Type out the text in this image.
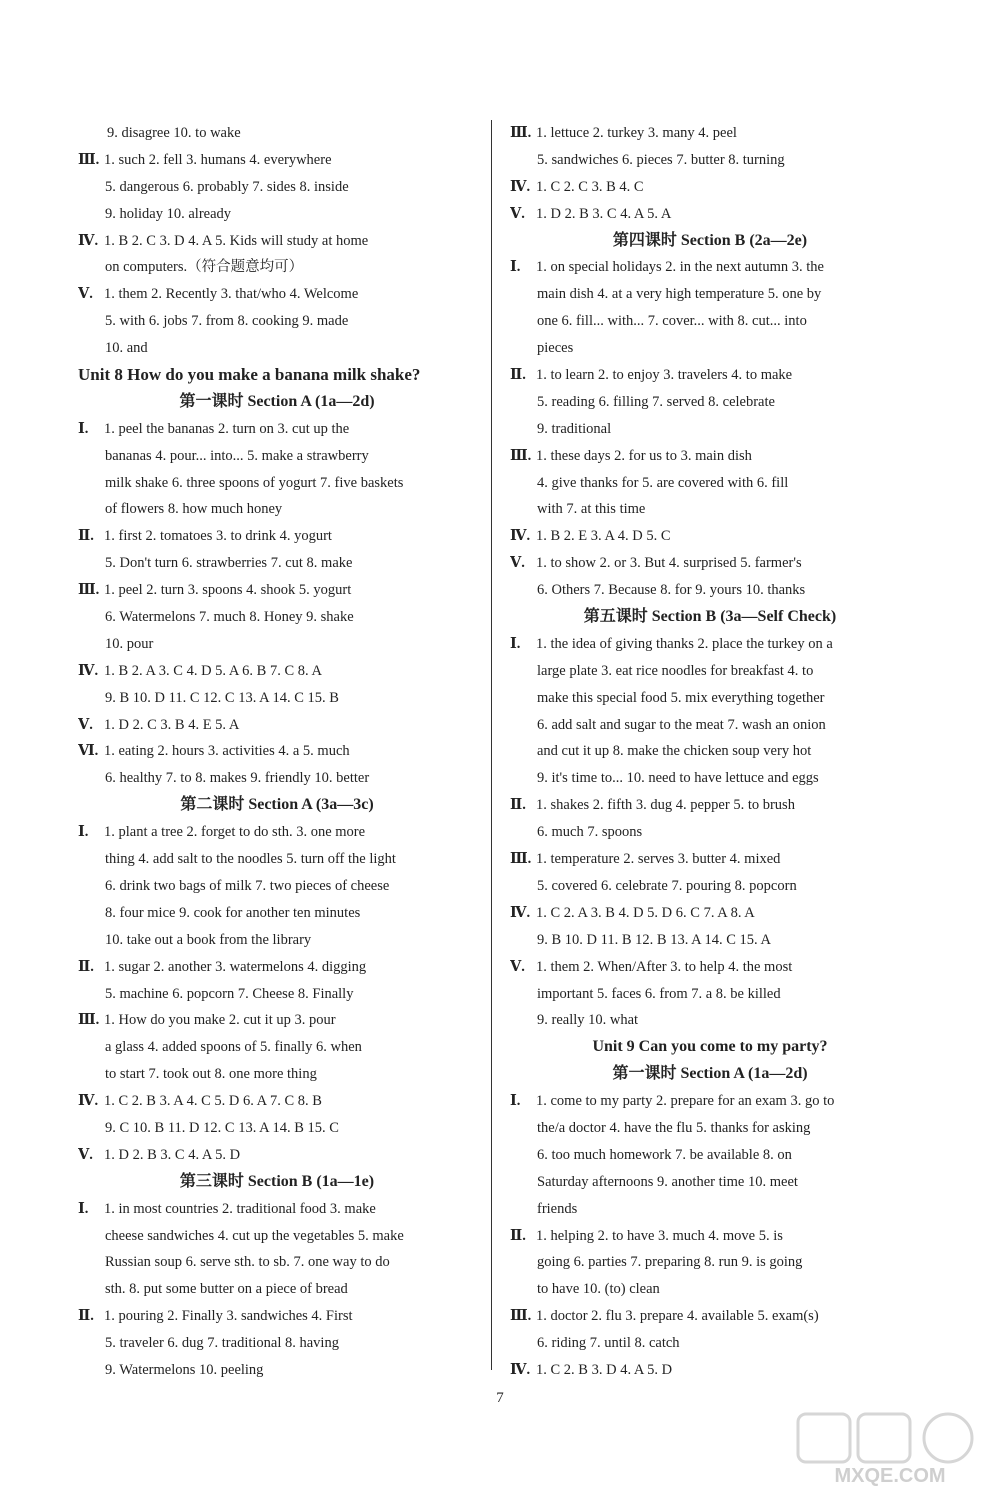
9. disagree 10. to wake
Ⅲ. 1. such 2. fell 3. humans 4. everywhere
5. dangerous 6. probably 7. sides 8. inside
9. holiday 10. already
Ⅳ. 1. B 2. C 3. D 4. A 5. Kids will study at home
on computers.（符合题意均可）
Ⅴ. 1. them 2. Recently 3. that/who 4. Welcome
5. with 6. jobs 7. from 8. cooking 9. made
10. and
Unit 8 How do you make a banana milk shake?
第一课时 Section A (1a—2d)
Ⅰ. 1. peel the bananas 2. turn on 3. cut up the
bananas 4. pour... into... 5. make a strawberry
milk shake 6. three spoons of yogurt 7. five baskets
of flowers 8. how much honey
Ⅱ. 1. first 2. tomatoes 3. to drink 4. yogurt
5. Don't turn 6. strawberries 7. cut 8. make
Ⅲ. 1. peel 2. turn 3. spoons 4. shook 5. yogurt
6. Watermelons 7. much 8. Honey 9. shake
10. pour
Ⅳ. 1. B 2. A 3. C 4. D 5. A 6. B 7. C 8. A
9. B 10. D 11. C 12. C 13. A 14. C 15. B
Ⅴ. 1. D 2. C 3. B 4. E 5. A
Ⅵ. 1. eating 2. hours 3. activities 4. a 5. much
6. healthy 7. to 8. makes 9. friendly 10. better
第二课时 Section A (3a—3c)
Ⅰ. 1. plant a tree 2. forget to do sth. 3. one more
thing 4. add salt to the noodles 5. turn off the light
6. drink two bags of milk 7. two pieces of cheese
8. four mice 9. cook for another ten minutes
10. take out a book from the library
Ⅱ. 1. sugar 2. another 3. watermelons 4. digging
5. machine 6. popcorn 7. Cheese 8. Finally
Ⅲ. 1. How do you make 2. cut it up 3. pour
a glass 4. added spoons of 5. finally 6. when
to start 7. took out 8. one more thing
Ⅳ. 1. C 2. B 3. A 4. C 5. D 6. A 7. C 8. B
9. C 10. B 11. D 12. C 13. A 14. B 15. C
Ⅴ. 1. D 2. B 3. C 4. A 5. D
第三课时 Section B (1a—1e)
Ⅰ. 1. in most countries 2. traditional food 3. make
cheese sandwiches 4. cut up the vegetables 5. make
Russian soup 6. serve sth. to sb. 7. one way to do
sth. 8. put some butter on a piece of bread
Ⅱ. 1. pouring 2. Finally 3. sandwiches 4. First
5. traveler 6. dug 7. traditional 8. having
9. Watermelons 10. peeling
Ⅲ. 1. lettuce 2. turkey 3. many 4. peel
5. sandwiches 6. pieces 7. butter 8. turning
Ⅳ. 1. C 2. C 3. B 4. C
Ⅴ. 1. D 2. B 3. C 4. A 5. A
第四课时 Section B (2a—2e)
Ⅰ. 1. on special holidays 2. in the next autumn 3. the
main dish 4. at a very high temperature 5. one by
one 6. fill... with... 7. cover... with 8. cut... into
pieces
Ⅱ. 1. to learn 2. to enjoy 3. travelers 4. to make
5. reading 6. filling 7. served 8. celebrate
9. traditional
Ⅲ. 1. these days 2. for us to 3. main dish
4. give thanks for 5. are covered with 6. fill
with 7. at this time
Ⅳ. 1. B 2. E 3. A 4. D 5. C
Ⅴ. 1. to show 2. or 3. But 4. surprised 5. farmer's
6. Others 7. Because 8. for 9. yours 10. thanks
第五课时 Section B (3a—Self Check)
Ⅰ. 1. the idea of giving thanks 2. place the turkey on a
large plate 3. eat rice noodles for breakfast 4. to
make this special food 5. mix everything together
6. add salt and sugar to the meat 7. wash an onion
and cut it up 8. make the chicken soup very hot
9. it's time to... 10. need to have lettuce and eggs
Ⅱ. 1. shakes 2. fifth 3. dug 4. pepper 5. to brush
6. much 7. spoons
Ⅲ. 1. temperature 2. serves 3. butter 4. mixed
5. covered 6. celebrate 7. pouring 8. popcorn
Ⅳ. 1. C 2. A 3. B 4. D 5. D 6. C 7. A 8. A
9. B 10. D 11. B 12. B 13. A 14. C 15. A
Ⅴ. 1. them 2. When/After 3. to help 4. the most
important 5. faces 6. from 7. a 8. be killed
9. really 10. what
Unit 9 Can you come to my party?
第一课时 Section A (1a—2d)
Ⅰ. 1. come to my party 2. prepare for an exam 3. go to
the/a doctor 4. have the flu 5. thanks for asking
6. too much homework 7. be available 8. on
Saturday afternoons 9. another time 10. meet
friends
Ⅱ. 1. helping 2. to have 3. much 4. move 5. is
going 6. parties 7. preparing 8. run 9. is going
to have 10. (to) clean
Ⅲ. 1. doctor 2. flu 3. prepare 4. available 5. exam(s)
6. riding 7. until 8. catch
Ⅳ. 1. C 2. B 3. D 4. A 5. D
7
MXQE.COM
